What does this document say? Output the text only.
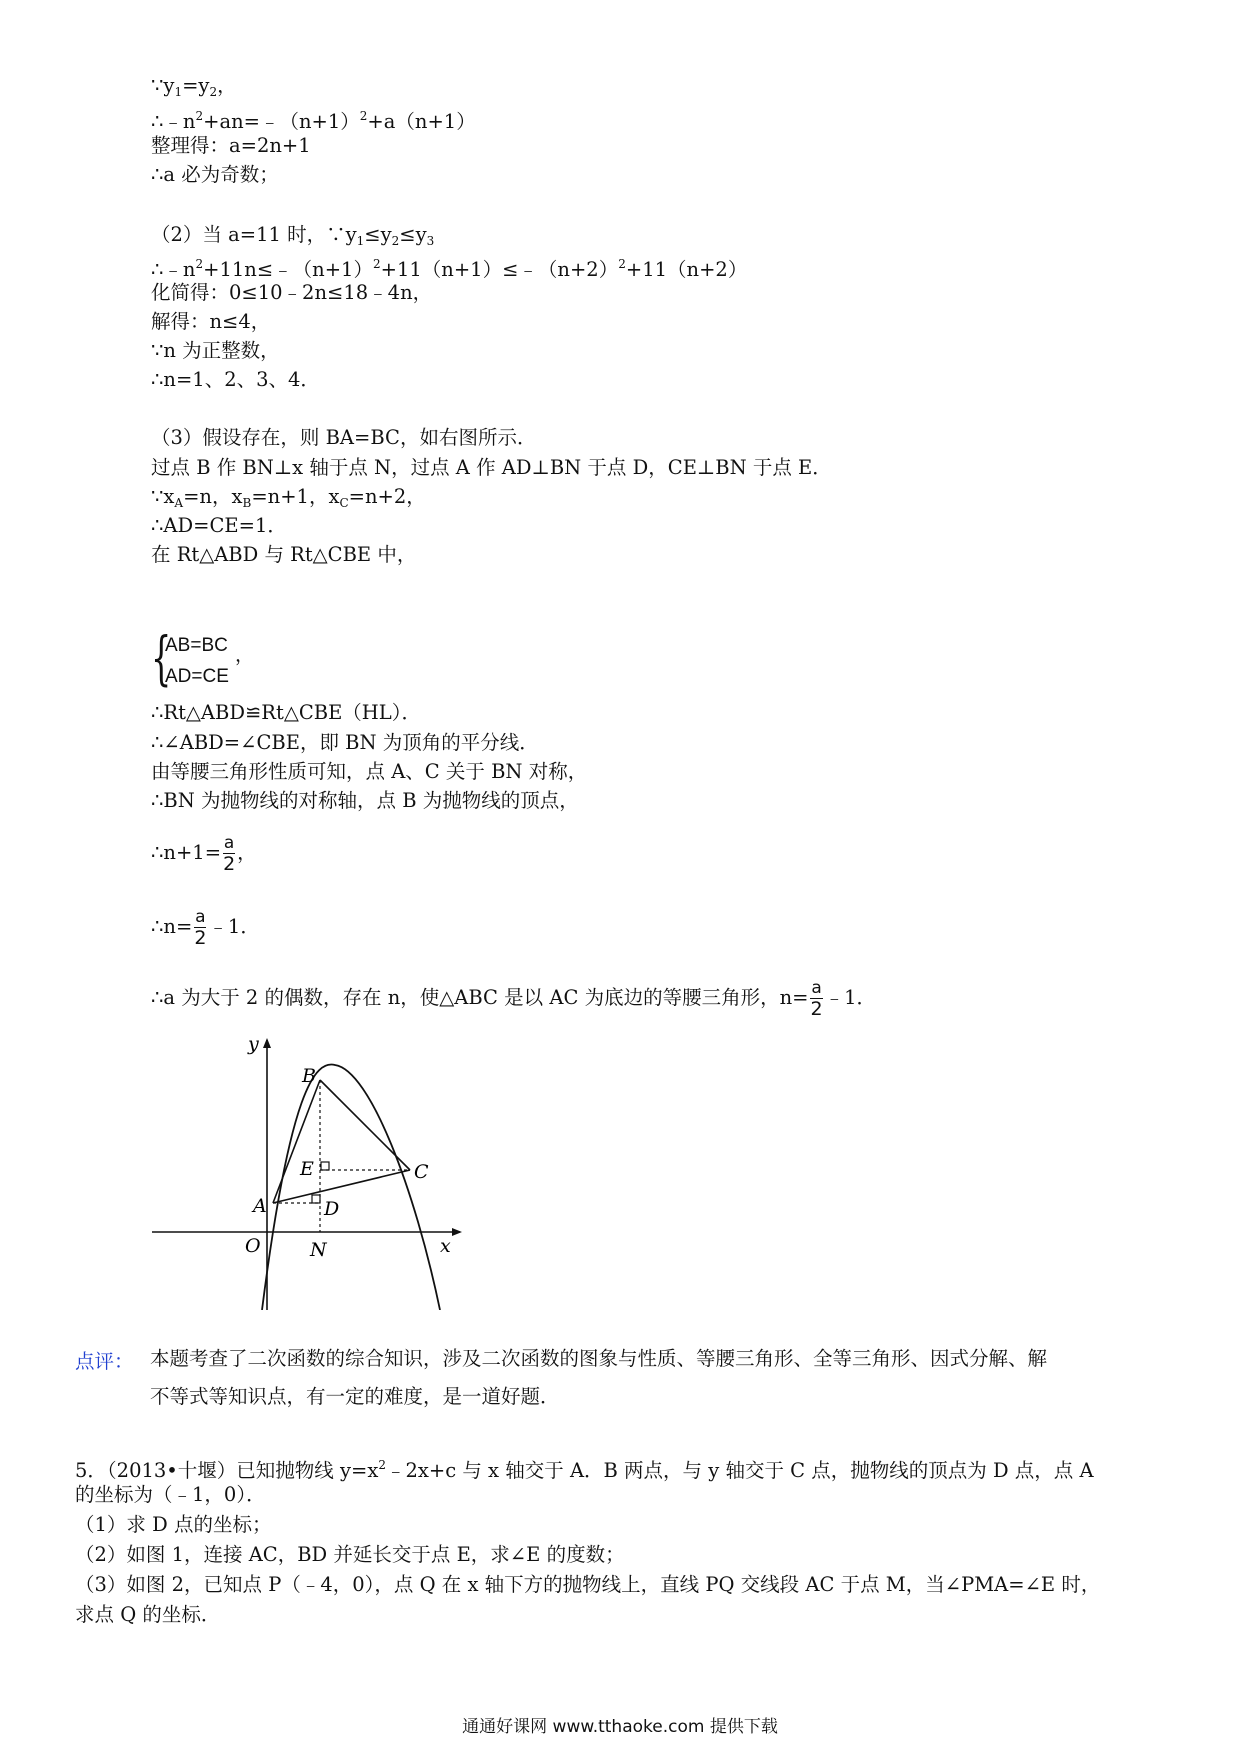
$\because y_1=y_2$，
$\therefore﹣n^2+an=﹣(n+1)^2+a(n+1)$
整理得：a=2n+1
∴a 必为奇数；
（2）当 a=11 时，$\because y_1\le y_2\le y_3$
$\therefore﹣n^2+11n\le﹣(n+1)^2+11(n+1)\le﹣(n+2)^2+11(n+2)$
化简得：0≤10﹣2n≤18﹣4n，
解得：n≤4，
∵n 为正整数，
∴n=1、2、3、4．
（3）假设存在，则 BA=BC，如右图所示．
过点 B 作 BN⊥x 轴于点 N，过点 A 作 AD⊥BN 于点 D，CE⊥BN 于点 E．
$\because x_A=n$，$x_B=n+1$，$x_C=n+2$，
∴AD=CE=1．
在 Rt△ABD 与 Rt△CBE 中，
{
AB=BC
AD=CE
，
∴Rt△ABD≌Rt△CBE（HL）．
∴∠ABD=∠CBE，即 BN 为顶角的平分线．
由等腰三角形性质可知，点 A、C 关于 BN 对称，
∴BN 为抛物线的对称轴，点 B 为抛物线的顶点，
∴n+1= $\frac{a}{2}$ ，
∴n= $\frac{a}{2}$ ﹣1．
∴a 为大于 2 的偶数，存在 n，使△ABC 是以 AC 为底边的等腰三角形，$n= \frac{a}{2}$ ﹣1．
y
x
O
A
B
C
D
E
N
点评： 本题考查了二次函数的综合知识，涉及二次函数的图象与性质、等腰三角形、全等三角形、因式分解、解
不等式等知识点，有一定的难度，是一道好题．
5．（2013•十堰）已知抛物线 $y=x^2﹣2x+c$ 与 x 轴交于 A．B 两点，与 y 轴交于 C 点，抛物线的顶点为 D 点，点 A
的坐标为（﹣1，0）．
（1）求 D 点的坐标；
（2）如图 1，连接 AC，BD 并延长交于点 E，求∠E 的度数；
（3）如图 2，已知点 P（﹣4，0），点 Q 在 x 轴下方的抛物线上，直线 PQ 交线段 AC 于点 M，当∠PMA=∠E 时，
求点 Q 的坐标．
通通好课网 www.tthaoke.com 提供下载
